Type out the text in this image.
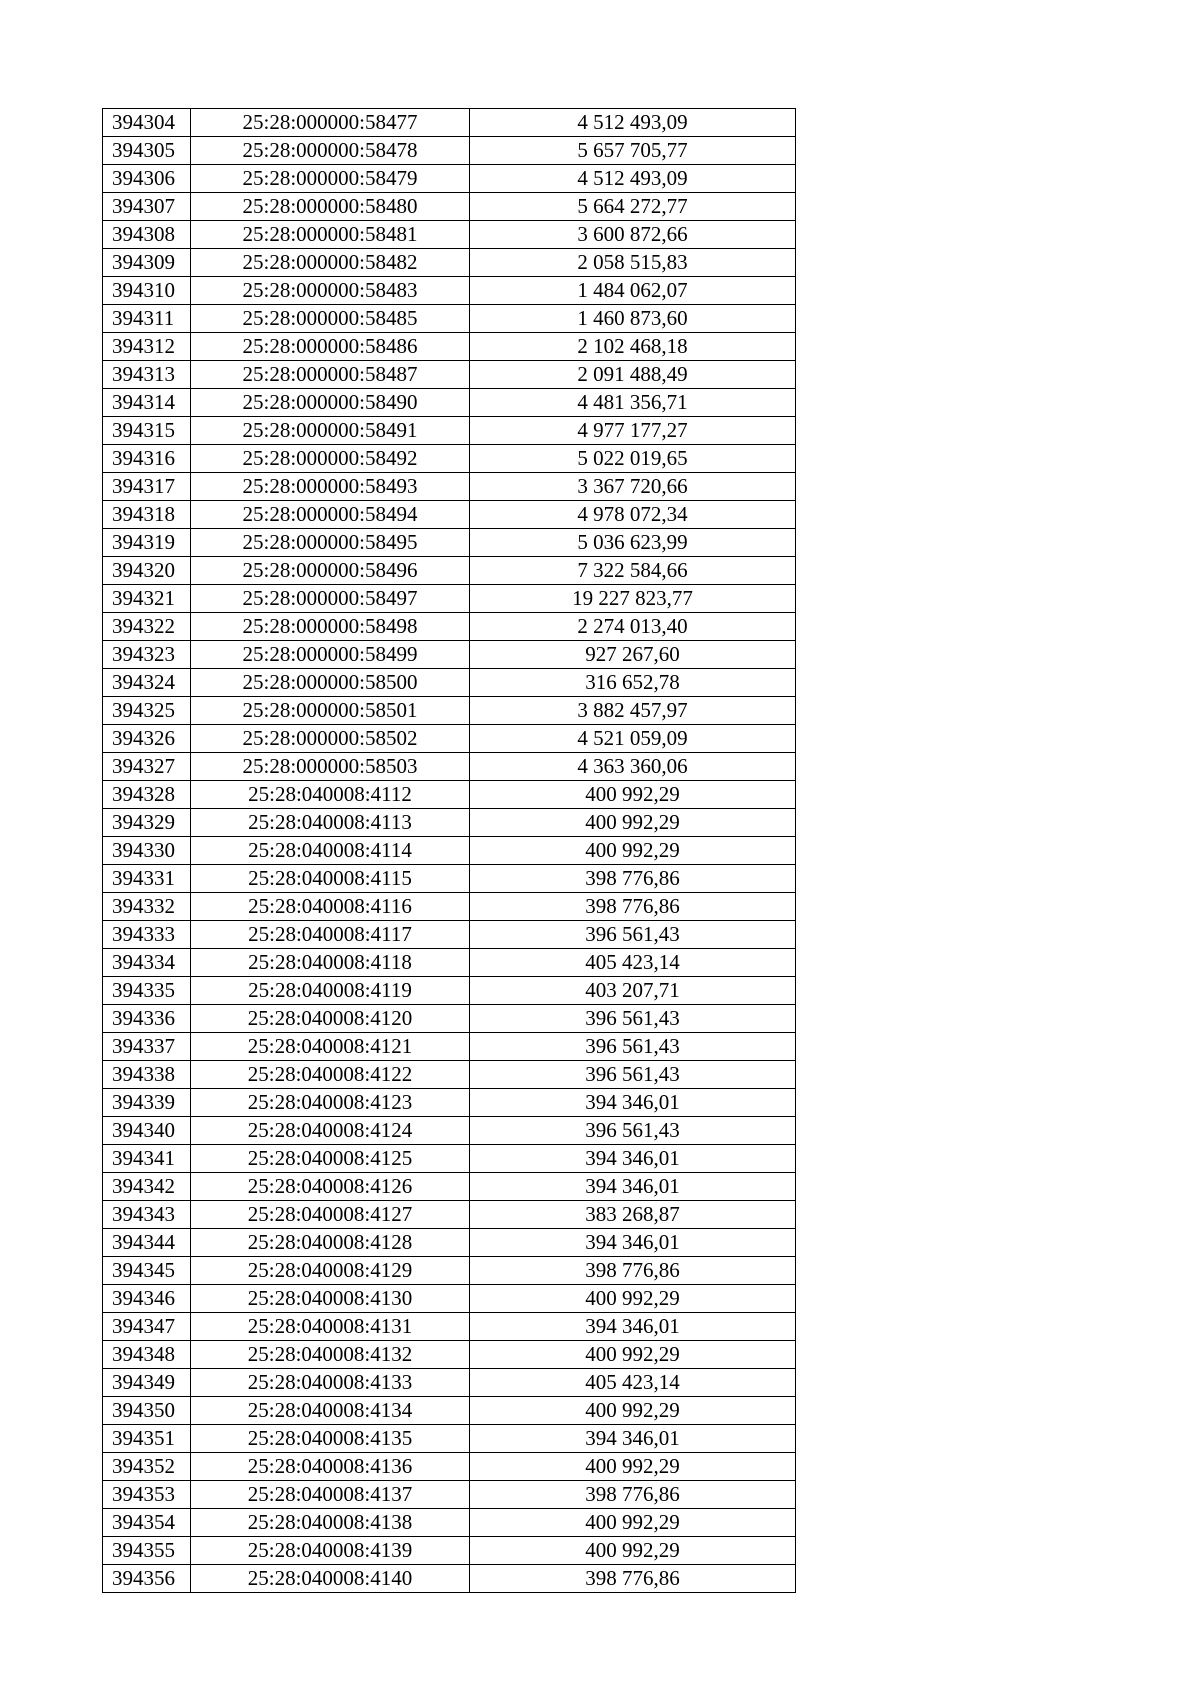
394304	25:28:000000:58477	4 512 493,09
394305	25:28:000000:58478	5 657 705,77
394306	25:28:000000:58479	4 512 493,09
394307	25:28:000000:58480	5 664 272,77
394308	25:28:000000:58481	3 600 872,66
394309	25:28:000000:58482	2 058 515,83
394310	25:28:000000:58483	1 484 062,07
394311	25:28:000000:58485	1 460 873,60
394312	25:28:000000:58486	2 102 468,18
394313	25:28:000000:58487	2 091 488,49
394314	25:28:000000:58490	4 481 356,71
394315	25:28:000000:58491	4 977 177,27
394316	25:28:000000:58492	5 022 019,65
394317	25:28:000000:58493	3 367 720,66
394318	25:28:000000:58494	4 978 072,34
394319	25:28:000000:58495	5 036 623,99
394320	25:28:000000:58496	7 322 584,66
394321	25:28:000000:58497	19 227 823,77
394322	25:28:000000:58498	2 274 013,40
394323	25:28:000000:58499	927 267,60
394324	25:28:000000:58500	316 652,78
394325	25:28:000000:58501	3 882 457,97
394326	25:28:000000:58502	4 521 059,09
394327	25:28:000000:58503	4 363 360,06
394328	25:28:040008:4112	400 992,29
394329	25:28:040008:4113	400 992,29
394330	25:28:040008:4114	400 992,29
394331	25:28:040008:4115	398 776,86
394332	25:28:040008:4116	398 776,86
394333	25:28:040008:4117	396 561,43
394334	25:28:040008:4118	405 423,14
394335	25:28:040008:4119	403 207,71
394336	25:28:040008:4120	396 561,43
394337	25:28:040008:4121	396 561,43
394338	25:28:040008:4122	396 561,43
394339	25:28:040008:4123	394 346,01
394340	25:28:040008:4124	396 561,43
394341	25:28:040008:4125	394 346,01
394342	25:28:040008:4126	394 346,01
394343	25:28:040008:4127	383 268,87
394344	25:28:040008:4128	394 346,01
394345	25:28:040008:4129	398 776,86
394346	25:28:040008:4130	400 992,29
394347	25:28:040008:4131	394 346,01
394348	25:28:040008:4132	400 992,29
394349	25:28:040008:4133	405 423,14
394350	25:28:040008:4134	400 992,29
394351	25:28:040008:4135	394 346,01
394352	25:28:040008:4136	400 992,29
394353	25:28:040008:4137	398 776,86
394354	25:28:040008:4138	400 992,29
394355	25:28:040008:4139	400 992,29
394356	25:28:040008:4140	398 776,86
